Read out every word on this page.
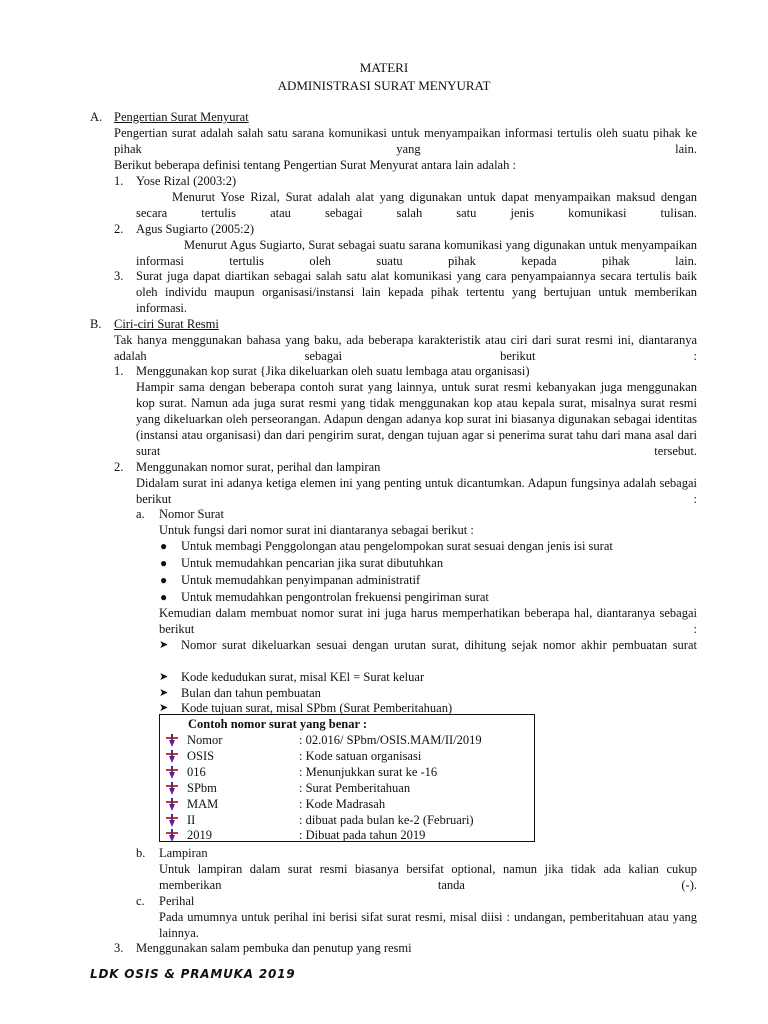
MATERI
ADMINISTRASI SURAT MENYURAT
A. Pengertian Surat Menyurat
Pengertian surat adalah salah satu sarana komunikasi untuk menyampaikan informasi tertulis oleh suatu pihak ke pihak yang lain.
Berikut beberapa definisi tentang Pengertian Surat Menyurat antara lain adalah :
1. Yose Rizal (2003:2)
Menurut Yose Rizal, Surat adalah alat yang digunakan untuk dapat menyampaikan maksud dengan secara tertulis atau sebagai salah satu jenis komunikasi tulisan.
2. Agus Sugiarto (2005:2)
Menurut Agus Sugiarto, Surat sebagai suatu sarana komunikasi yang digunakan untuk menyampaikan informasi tertulis oleh suatu pihak kepada pihak lain.
3. Surat juga dapat diartikan sebagai salah satu alat komunikasi yang cara penyampaiannya secara tertulis baik oleh individu maupun organisasi/instansi lain kepada pihak tertentu yang bertujuan untuk memberikan informasi.
B. Ciri-ciri Surat Resmi
Tak hanya menggunakan bahasa yang baku, ada beberapa karakteristik atau ciri dari surat resmi ini, diantaranya adalah sebagai berikut :
1. Menggunakan kop surat {Jika dikeluarkan oleh suatu lembaga atau organisasi)
Hampir sama dengan beberapa contoh surat yang lainnya, untuk surat resmi kebanyakan juga menggunakan kop surat. Namun ada juga surat resmi yang tidak menggunakan kop atau kepala surat, misalnya surat resmi yang dikeluarkan oleh perseorangan. Adapun dengan adanya kop surat ini biasanya digunakan sebagai identitas (instansi atau organisasi) dan dari pengirim surat, dengan tujuan agar si penerima surat tahu dari mana asal dari surat tersebut.
2. Menggunakan nomor surat, perihal dan lampiran
Didalam surat ini adanya ketiga elemen ini yang penting untuk dicantumkan. Adapun fungsinya adalah sebagai berikut :
a. Nomor Surat
Untuk fungsi dari nomor surat ini diantaranya sebagai berikut :
● Untuk membagi Penggolongan atau pengelompokan surat sesuai dengan jenis isi surat
● Untuk memudahkan pencarian jika surat dibutuhkan
● Untuk memudahkan penyimpanan administratif
● Untuk memudahkan pengontrolan frekuensi pengiriman surat
Kemudian dalam membuat nomor surat ini juga harus memperhatikan beberapa hal, diantaranya sebagai berikut :
➤ Nomor surat dikeluarkan sesuai dengan urutan surat, dihitung sejak nomor akhir pembuatan surat
➤ Kode kedudukan surat, misal KEl = Surat keluar
➤ Bulan dan tahun pembuatan
➤ Kode tujuan surat, misal SPbm (Surat Pemberitahuan)
Contoh nomor surat yang benar :
Nomor	: 02.016/ SPbm/OSIS.MAM/II/2019
OSIS	: Kode satuan organisasi
016	: Menunjukkan surat ke -16
SPbm	: Surat Pemberitahuan
MAM	: Kode Madrasah
II	: dibuat pada bulan ke-2 (Februari)
2019	: Dibuat pada tahun 2019
b. Lampiran
Untuk lampiran dalam surat resmi biasanya bersifat optional, namun jika tidak ada kalian cukup memberikan tanda (-).
c. Perihal
Pada umumnya untuk perihal ini berisi sifat surat resmi, misal diisi : undangan, pemberitahuan atau yang lainnya.
3. Menggunakan salam pembuka dan penutup yang resmi
LDK OSIS & PRAMUKA 2019
